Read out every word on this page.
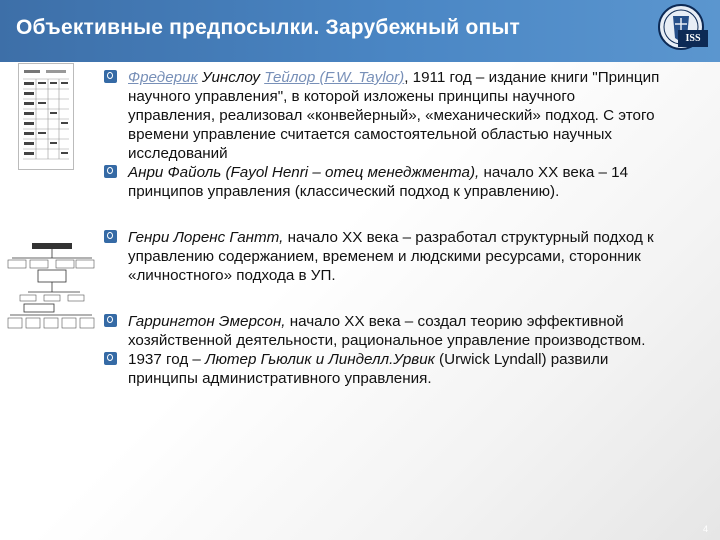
Объективные предпосылки. Зарубежный опыт	ISS
Фредерик Уинслоу Тейлор (F.W. Taylor), 1911 год – издание книги "Принцип научного управления", в которой изложены принципы научного управления, реализовал «конвейерный», «механический» подход. С этого времени управление считается самостоятельной областью научных исследований
Анри Файоль (Fayol Henri – отец менеджмента), начало XX века – 14 принципов управления (классический подход к управлению).
Генри Лоренс Гантт, начало XX века – разработал структурный подход к управлению содержанием, временем и людскими ресурсами, сторонник «личностного» подхода в УП.
Гаррингтон Эмерсон, начало XX века – создал теорию эффективной хозяйственной деятельности, рациональное управление производством.
1937 год – Лютер Гьюлик и Линделл.Урвик (Urwick Lyndall) развили принципы административного управления.
4
